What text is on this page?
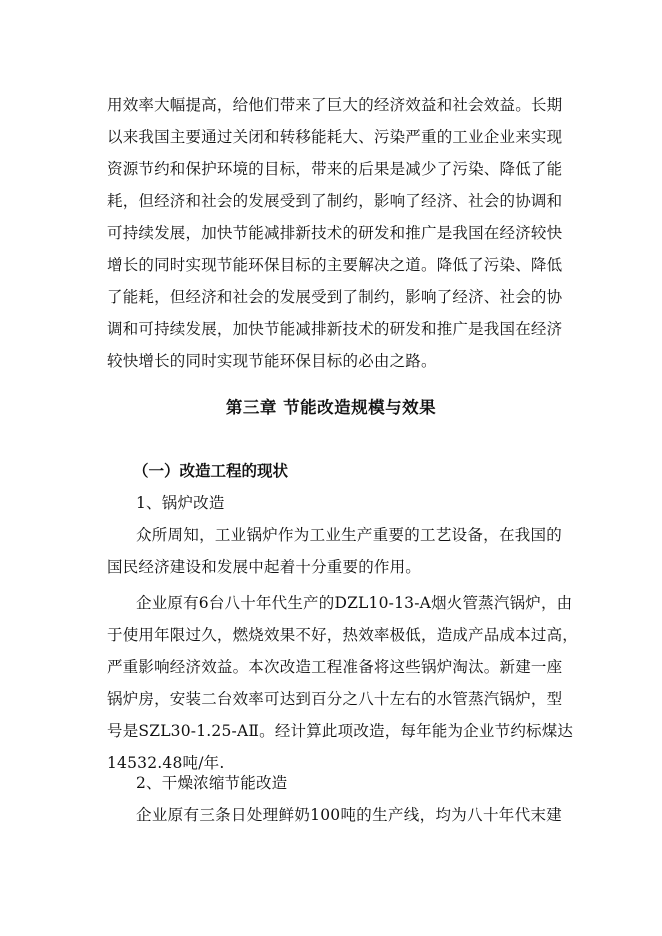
用效率大幅提高，给他们带来了巨大的经济效益和社会效益。长期
以来我国主要通过关闭和转移能耗大、污染严重的工业企业来实现
资源节约和保护环境的目标，带来的后果是减少了污染、降低了能
耗，但经济和社会的发展受到了制约，影响了经济、社会的协调和
可持续发展，加快节能减排新技术的研发和推广是我国在经济较快
增长的同时实现节能环保目标的主要解决之道。降低了污染、降低
了能耗，但经济和社会的发展受到了制约，影响了经济、社会的协
调和可持续发展，加快节能减排新技术的研发和推广是我国在经济
较快增长的同时实现节能环保目标的必由之路。
第三章 节能改造规模与效果
（一）改造工程的现状
1、锅炉改造
众所周知，工业锅炉作为工业生产重要的工艺设备，在我国的
国民经济建设和发展中起着十分重要的作用。
企业原有6台八十年代生产的DZL10-13-A烟火管蒸汽锅炉，由
于使用年限过久，燃烧效果不好，热效率极低，造成产品成本过高，
严重影响经济效益。本次改造工程准备将这些锅炉淘汰。新建一座
锅炉房，安装二台效率可达到百分之八十左右的水管蒸汽锅炉，型
号是SZL30-1.25-AⅡ。经计算此项改造，每年能为企业节约标煤达
14532.48吨/年.
2、干燥浓缩节能改造
企业原有三条日处理鲜奶100吨的生产线，均为八十年代末建
